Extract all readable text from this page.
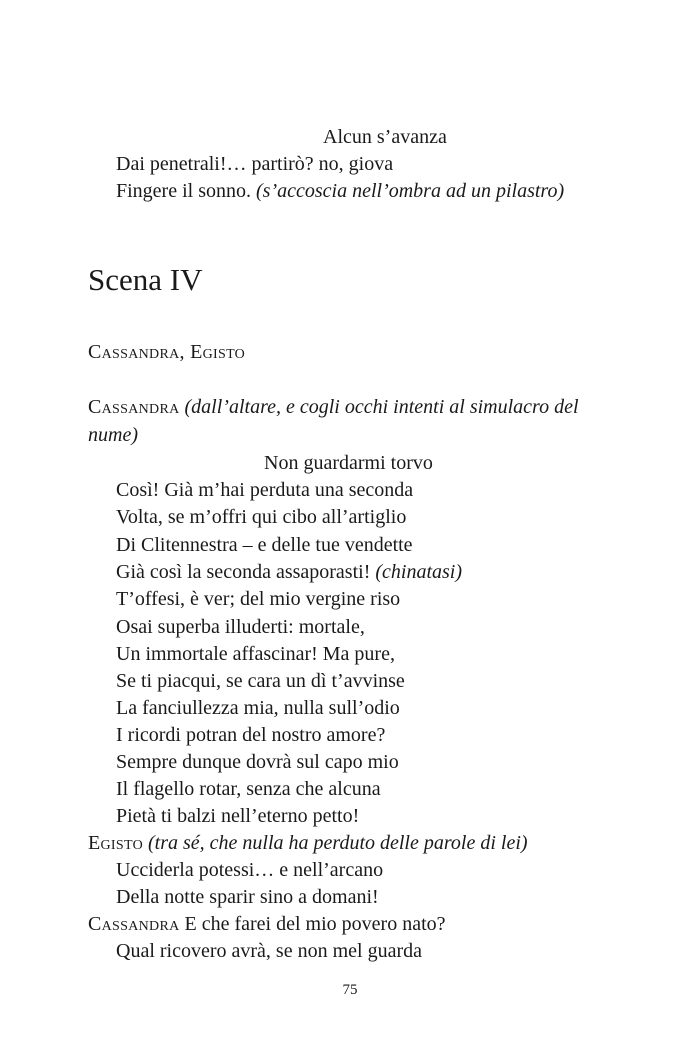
Alcun s’avanza
Dai penetrali!… partirò? no, giova
Fingere il sonno. (s’accoscia nell’ombra ad un pilastro)
Scena IV
Cassandra, Egisto
Cassandra (dall’altare, e cogli occhi intenti al simulacro del
nume)
Non guardarmi torvo
Così! Già m’hai perduta una seconda
Volta, se m’offri qui cibo all’artiglio
Di Clitennestra – e delle tue vendette
Già così la seconda assaporasti! (chinatasi)
T’offesi, è ver; del mio vergine riso
Osai superba illuderti: mortale,
Un immortale affascinar! Ma pure,
Se ti piacqui, se cara un dì t’avvinse
La fanciullezza mia, nulla sull’odio
I ricordi potran del nostro amore?
Sempre dunque dovrà sul capo mio
Il flagello rotar, senza che alcuna
Pietà ti balzi nell’eterno petto!
Egisto (tra sé, che nulla ha perduto delle parole di lei)
Ucciderla potessi… e nell’arcano
Della notte sparir sino a domani!
Cassandra E che farei del mio povero nato?
Qual ricovero avrà, se non mel guarda
75
